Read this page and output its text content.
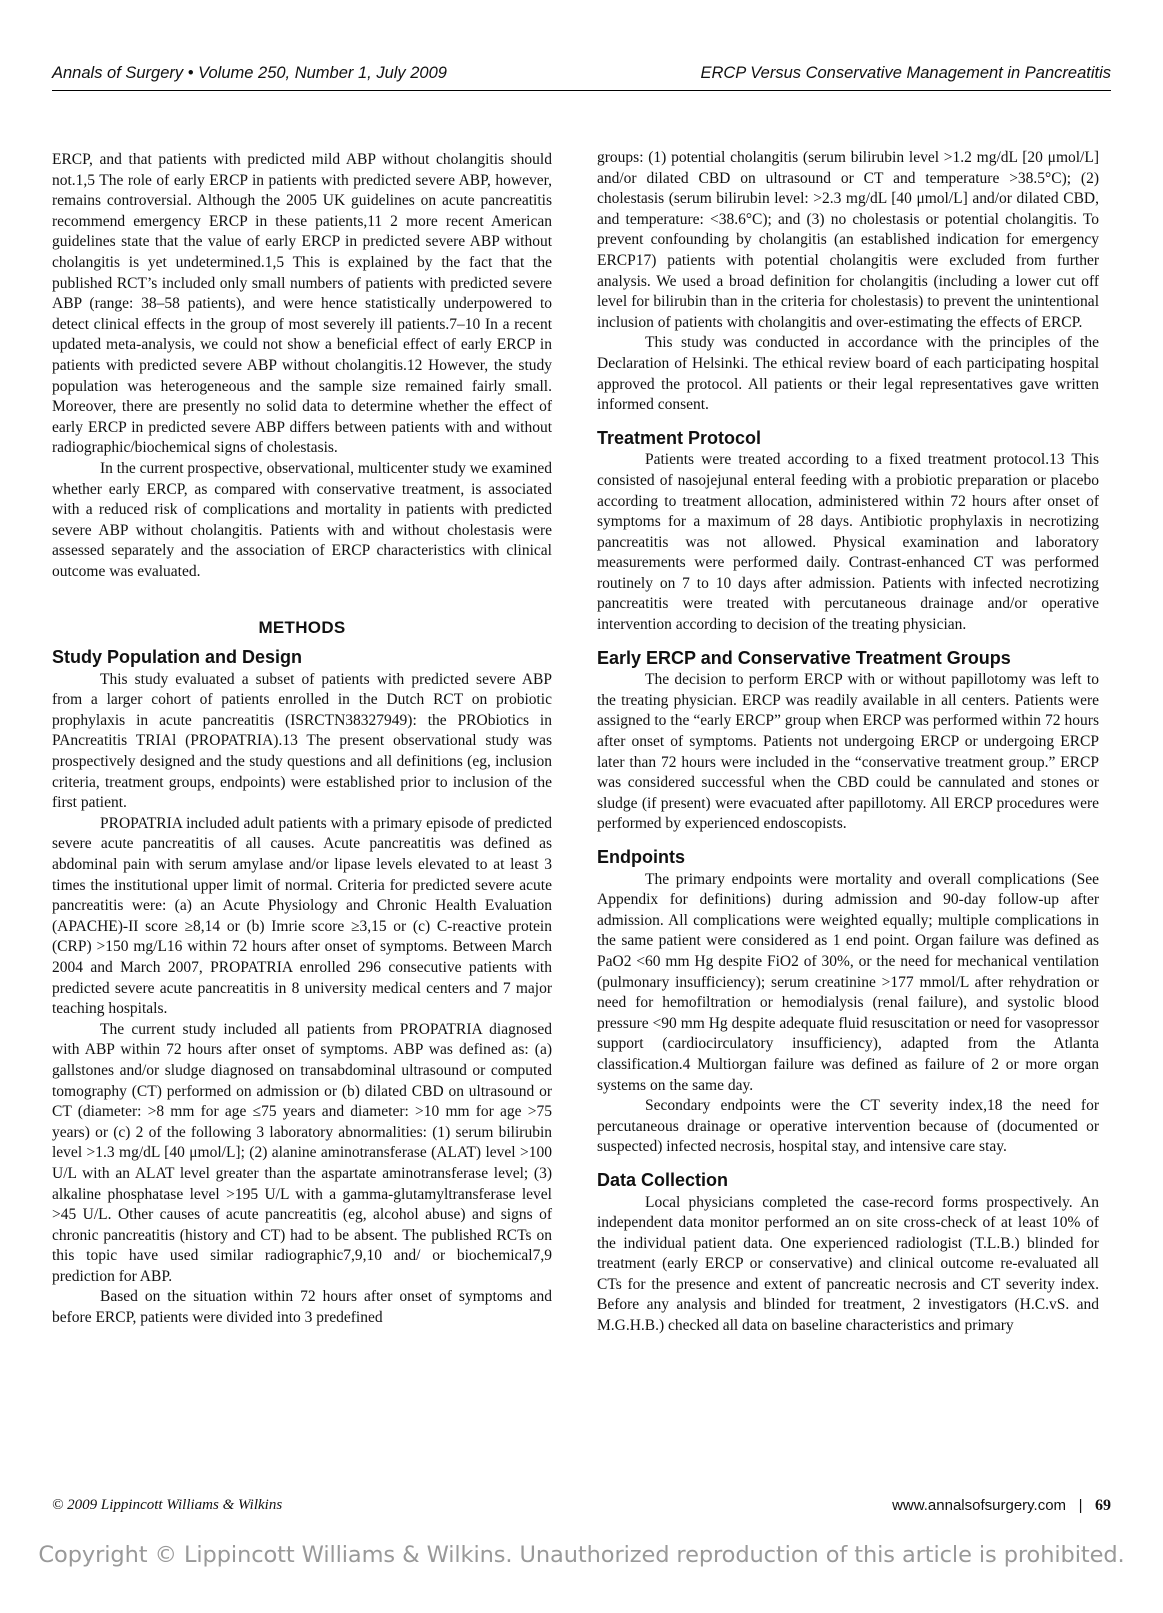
Annals of Surgery • Volume 250, Number 1, July 2009	ERCP Versus Conservative Management in Pancreatitis

ERCP, and that patients with predicted mild ABP without cholangitis should not.1,5 The role of early ERCP in patients with predicted severe ABP, however, remains controversial. Although the 2005 UK guidelines on acute pancreatitis recommend emergency ERCP in these patients,11 2 more recent American guidelines state that the value of early ERCP in predicted severe ABP without cholangitis is yet undetermined.1,5 This is explained by the fact that the published RCT’s included only small numbers of patients with predicted severe ABP (range: 38–58 patients), and were hence statistically underpowered to detect clinical effects in the group of most severely ill patients.7–10 In a recent updated meta-analysis, we could not show a beneficial effect of early ERCP in patients with predicted severe ABP without cholangitis.12 However, the study population was heterogeneous and the sample size remained fairly small. Moreover, there are presently no solid data to determine whether the effect of early ERCP in predicted severe ABP differs between patients with and without radiographic/biochemical signs of cholestasis.

In the current prospective, observational, multicenter study we examined whether early ERCP, as compared with conservative treatment, is associated with a reduced risk of complications and mortality in patients with predicted severe ABP without cholangitis. Patients with and without cholestasis were assessed separately and the association of ERCP characteristics with clinical outcome was evaluated.

METHODS
Study Population and Design

This study evaluated a subset of patients with predicted severe ABP from a larger cohort of patients enrolled in the Dutch RCT on probiotic prophylaxis in acute pancreatitis (ISRCTN38327949): the PRObiotics in PAncreatitis TRIAl (PROPATRIA).13 The present observational study was prospectively designed and the study questions and all definitions (eg, inclusion criteria, treatment groups, endpoints) were established prior to inclusion of the first patient.

PROPATRIA included adult patients with a primary episode of predicted severe acute pancreatitis of all causes. Acute pancreatitis was defined as abdominal pain with serum amylase and/or lipase levels elevated to at least 3 times the institutional upper limit of normal. Criteria for predicted severe acute pancreatitis were: (a) an Acute Physiology and Chronic Health Evaluation (APACHE)-II score ≥8,14 or (b) Imrie score ≥3,15 or (c) C-reactive protein (CRP) >150 mg/L16 within 72 hours after onset of symptoms. Between March 2004 and March 2007, PROPATRIA enrolled 296 consecutive patients with predicted severe acute pancreatitis in 8 university medical centers and 7 major teaching hospitals.

The current study included all patients from PROPATRIA diagnosed with ABP within 72 hours after onset of symptoms. ABP was defined as: (a) gallstones and/or sludge diagnosed on transabdominal ultrasound or computed tomography (CT) performed on admission or (b) dilated CBD on ultrasound or CT (diameter: >8 mm for age ≤75 years and diameter: >10 mm for age >75 years) or (c) 2 of the following 3 laboratory abnormalities: (1) serum bilirubin level >1.3 mg/dL [40 μmol/L]; (2) alanine aminotransferase (ALAT) level >100 U/L with an ALAT level greater than the aspartate aminotransferase level; (3) alkaline phosphatase level >195 U/L with a gamma-glutamyltransferase level >45 U/L. Other causes of acute pancreatitis (eg, alcohol abuse) and signs of chronic pancreatitis (history and CT) had to be absent. The published RCTs on this topic have used similar radiographic7,9,10 and/ or biochemical7,9 prediction for ABP.

Based on the situation within 72 hours after onset of symptoms and before ERCP, patients were divided into 3 predefined

groups: (1) potential cholangitis (serum bilirubin level >1.2 mg/dL [20 μmol/L] and/or dilated CBD on ultrasound or CT and temperature >38.5°C); (2) cholestasis (serum bilirubin level: >2.3 mg/dL [40 μmol/L] and/or dilated CBD, and temperature: <38.6°C); and (3) no cholestasis or potential cholangitis. To prevent confounding by cholangitis (an established indication for emergency ERCP17) patients with potential cholangitis were excluded from further analysis. We used a broad definition for cholangitis (including a lower cut off level for bilirubin than in the criteria for cholestasis) to prevent the unintentional inclusion of patients with cholangitis and over-estimating the effects of ERCP.

This study was conducted in accordance with the principles of the Declaration of Helsinki. The ethical review board of each participating hospital approved the protocol. All patients or their legal representatives gave written informed consent.

Treatment Protocol

Patients were treated according to a fixed treatment protocol.13 This consisted of nasojejunal enteral feeding with a probiotic preparation or placebo according to treatment allocation, administered within 72 hours after onset of symptoms for a maximum of 28 days. Antibiotic prophylaxis in necrotizing pancreatitis was not allowed. Physical examination and laboratory measurements were performed daily. Contrast-enhanced CT was performed routinely on 7 to 10 days after admission. Patients with infected necrotizing pancreatitis were treated with percutaneous drainage and/or operative intervention according to decision of the treating physician.

Early ERCP and Conservative Treatment Groups

The decision to perform ERCP with or without papillotomy was left to the treating physician. ERCP was readily available in all centers. Patients were assigned to the “early ERCP” group when ERCP was performed within 72 hours after onset of symptoms. Patients not undergoing ERCP or undergoing ERCP later than 72 hours were included in the “conservative treatment group.” ERCP was considered successful when the CBD could be cannulated and stones or sludge (if present) were evacuated after papillotomy. All ERCP procedures were performed by experienced endoscopists.

Endpoints

The primary endpoints were mortality and overall complications (See Appendix for definitions) during admission and 90-day follow-up after admission. All complications were weighted equally; multiple complications in the same patient were considered as 1 end point. Organ failure was defined as PaO2 <60 mm Hg despite FiO2 of 30%, or the need for mechanical ventilation (pulmonary insufficiency); serum creatinine >177 mmol/L after rehydration or need for hemofiltration or hemodialysis (renal failure), and systolic blood pressure <90 mm Hg despite adequate fluid resuscitation or need for vasopressor support (cardiocirculatory insufficiency), adapted from the Atlanta classification.4 Multiorgan failure was defined as failure of 2 or more organ systems on the same day.

Secondary endpoints were the CT severity index,18 the need for percutaneous drainage or operative intervention because of (documented or suspected) infected necrosis, hospital stay, and intensive care stay.

Data Collection

Local physicians completed the case-record forms prospectively. An independent data monitor performed an on site cross-check of at least 10% of the individual patient data. One experienced radiologist (T.L.B.) blinded for treatment (early ERCP or conservative) and clinical outcome re-evaluated all CTs for the presence and extent of pancreatic necrosis and CT severity index. Before any analysis and blinded for treatment, 2 investigators (H.C.vS. and M.G.H.B.) checked all data on baseline characteristics and primary

© 2009 Lippincott Williams & Wilkins	www.annalsofsurgery.com | 69
Copyright © Lippincott Williams & Wilkins. Unauthorized reproduction of this article is prohibited.
